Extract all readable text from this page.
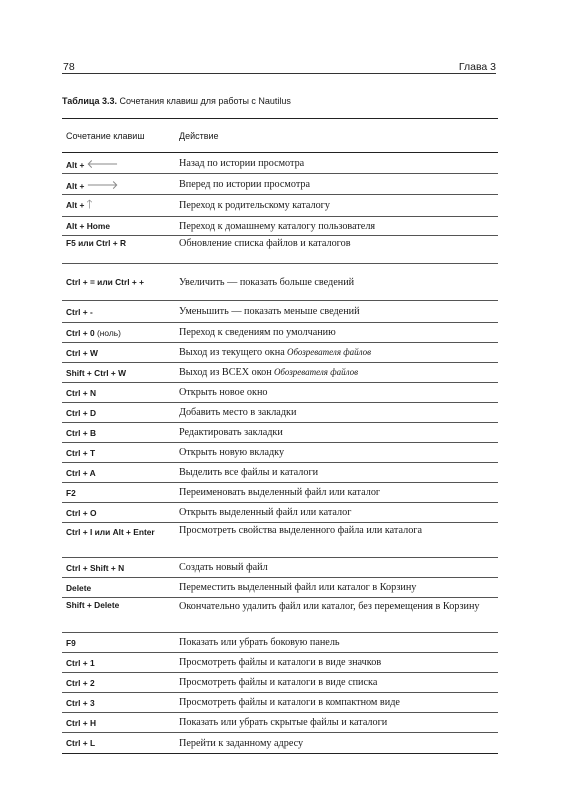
78	Глава 3
Таблица 3.3. Сочетания клавиш для работы с Nautilus
Сочетание клавиш	Действие
Alt + 🡐	Назад по истории просмотра
Alt + 🡒	Вперед по истории просмотра
Alt + 🡑	Переход к родительскому каталогу
Alt + Home	Переход к домашнему каталогу пользователя
F5 или Ctrl + R	Обновление списка файлов и каталогов
Ctrl + = или Ctrl + +	Увеличить — показать больше сведений
Ctrl + -	Уменьшить — показать меньше сведений
Ctrl + 0 (ноль)	Переход к сведениям по умолчанию
Ctrl + W	Выход из текущего окна Обозревателя файлов
Shift + Ctrl + W	Выход из ВСЕХ окон Обозревателя файлов
Ctrl + N	Открыть новое окно
Ctrl + D	Добавить место в закладки
Ctrl + B	Редактировать закладки
Ctrl + T	Открыть новую вкладку
Ctrl + A	Выделить все файлы и каталоги
F2	Переименовать выделенный файл или каталог
Ctrl + O	Открыть выделенный файл или каталог
Ctrl + I или Alt + Enter	Просмотреть свойства выделенного файла или каталога
Ctrl + Shift + N	Создать новый файл
Delete	Переместить выделенный файл или каталог в Корзину
Shift + Delete	Окончательно удалить файл или каталог, без перемещения в Корзину
F9	Показать или убрать боковую панель
Ctrl + 1	Просмотреть файлы и каталоги в виде значков
Ctrl + 2	Просмотреть файлы и каталоги в виде списка
Ctrl + 3	Просмотреть файлы и каталоги в компактном виде
Ctrl + H	Показать или убрать скрытые файлы и каталоги
Ctrl + L	Перейти к заданному адресу
